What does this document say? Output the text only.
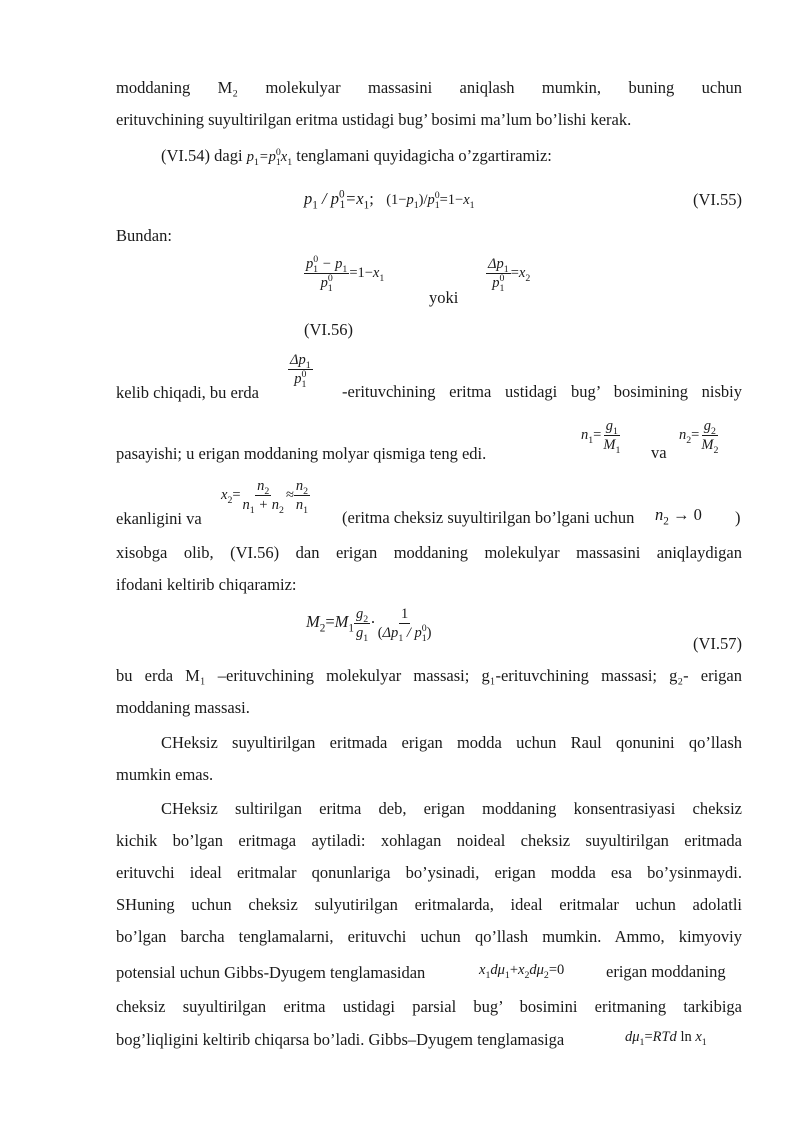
moddaning M₂ molekulyar massasini aniqlash mumkin, buning uchun
erituvchining suyultirilgan eritma ustidagi bug’ bosimi ma’lum bo’lishi kerak.
(VI.54) dagi $p_1=p^0_1x_1$ tenglamani quyidagicha o’zgartiramiz:
$p_1 / p^0_1=x_1$; $(1-p_1)/p^0_1=1-x_1$	(VI.55)
Bundan:
$\frac{p^0_1 - p_1}{p^0_1} =1-x_1$
yoki
$\frac{\Delta p_1}{p^0_1} =x_2$
(VI.56)
$\frac{\Delta p_1}{p^0_1}$
kelib chiqadi, bu erda	-erituvchining eritma ustidagi bug’ bosimining nisbiy
$n_1= \frac{g_1}{M_1}$ va
$n_2= \frac{g_2}{M_2}$
pasayishi; u erigan moddaning molyar qismiga teng edi.
$x_2= \frac{n_2}{n_1 + n_2} \approx \frac{n_2}{n_1}$
ekanligini va	(eritma cheksiz suyultirilgan bo’lgani uchun $n_2 \to 0$ )
xisobga olib, (VI.56) dan erigan moddaning molekulyar massasini aniqlaydigan
ifodani keltirib chiqaramiz:
$M_2=M_1 \frac{g_2}{g_1} \cdot \frac{1}{(\Delta p_1 / p^0_1)}$
(VI.57)
bu erda M₁ –erituvchining molekulyar massasi; g₁-erituvchining massasi; g₂- erigan
moddaning massasi.
CHeksiz suyultirilgan eritmada erigan modda uchun Raul qonunini qo’llash
mumkin emas.
CHeksiz sultirilgan eritma deb, erigan moddaning konsentrasiyasi cheksiz
kichik bo’lgan eritmaga aytiladi: xohlagan noideal cheksiz suyultirilgan eritmada
erituvchi ideal eritmalar qonunlariga bo’ysinadi, erigan modda esa bo’ysinmaydi.
SHuning uchun cheksiz sulyutirilgan eritmalarda, ideal eritmalar uchun adolatli
bo’lgan barcha tenglamalarni, erituvchi uchun qo’llash mumkin. Ammo, kimyoviy
potensial uchun Gibbs-Dyugem tenglamasidan	$x_1d\mu_1+x_2d\mu_2=0$	erigan moddaning
cheksiz suyultirilgan eritma ustidagi parsial bug’ bosimini eritmaning tarkibiga
bog’liqligini keltirib chiqarsa bo’ladi. Gibbs–Dyugem tenglamasiga	$d\mu_1=RTd$ $\ln x_1$
